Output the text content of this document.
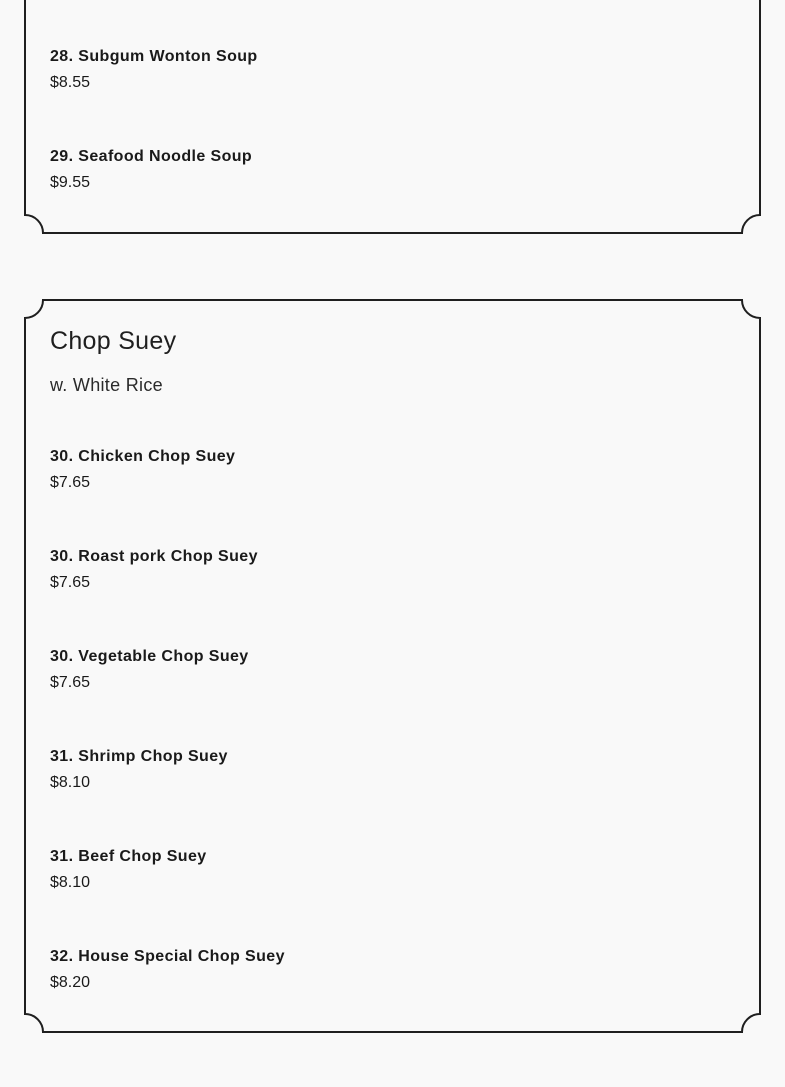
28. Subgum Wonton Soup
$8.55
29. Seafood Noodle Soup
$9.55
Chop Suey

w. White Rice

30. Chicken Chop Suey
$7.65
30. Roast pork Chop Suey
$7.65
30. Vegetable Chop Suey
$7.65
31. Shrimp Chop Suey
$8.10
31. Beef Chop Suey
$8.10
32. House Special Chop Suey
$8.20
